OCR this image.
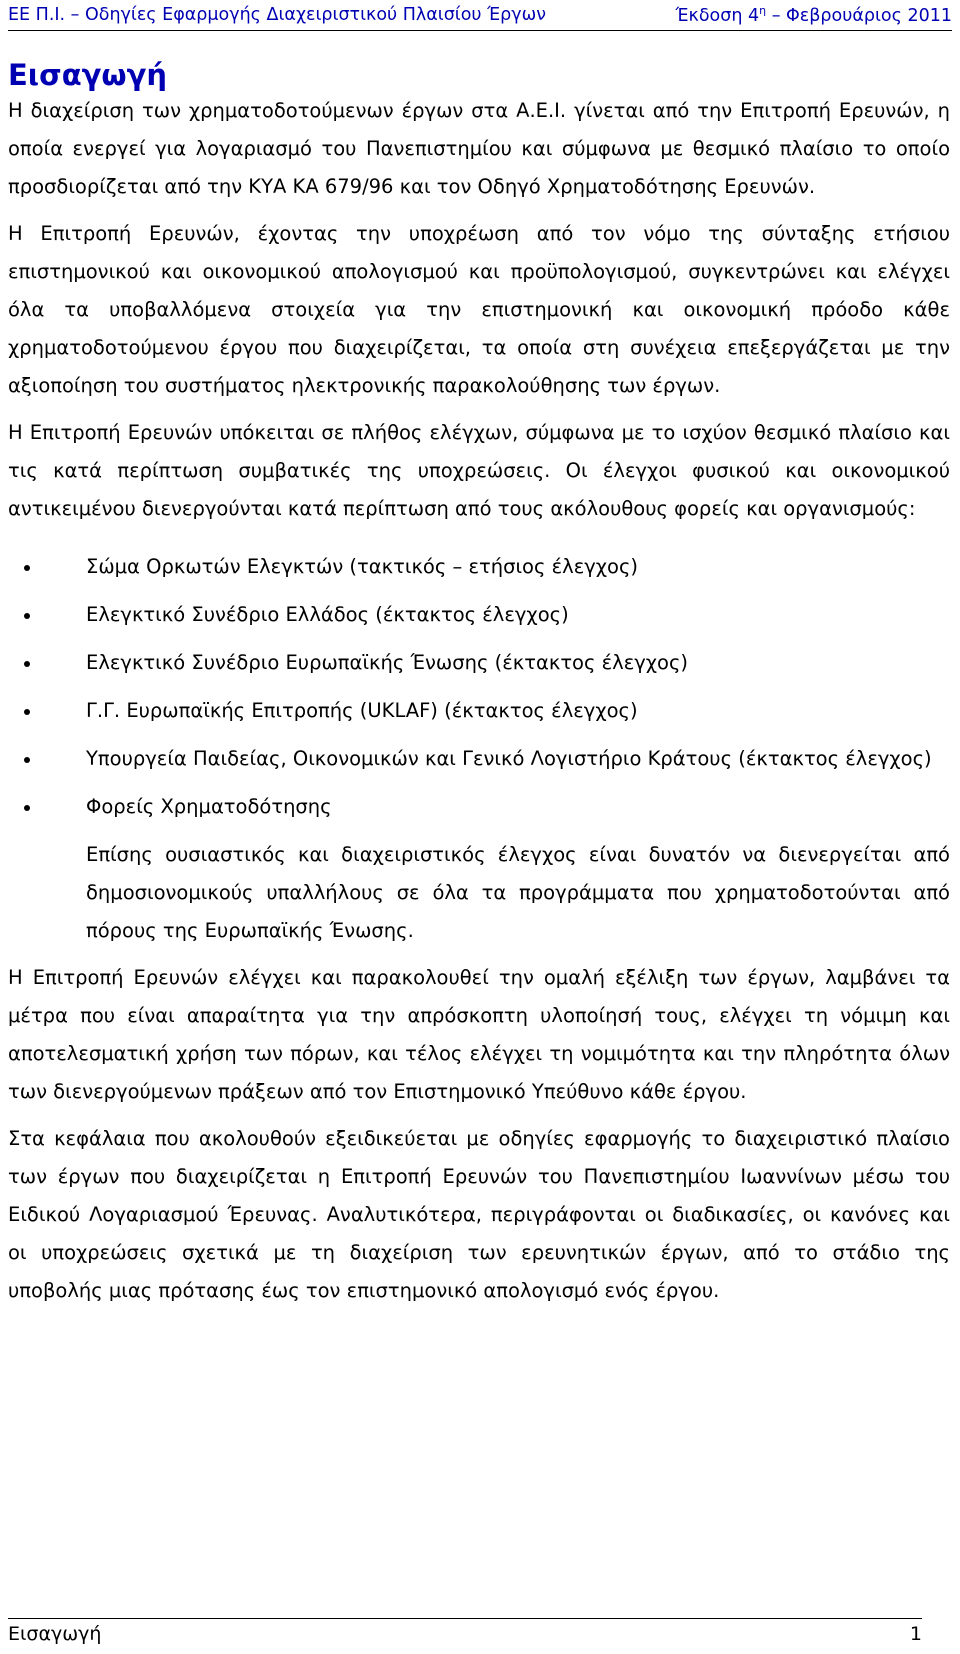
ΕΕ Π.Ι. – Οδηγίες Εφαρμογής Διαχειριστικού Πλαισίου Έργων	Έκδοση $4^\eta$ – Φεβρουάριος 2011
Εισαγωγή

Η διαχείριση των χρηματοδοτούμενων έργων στα Α.Ε.Ι. γίνεται από την Επιτροπή Ερευνών, η οποία ενεργεί για λογαριασμό του Πανεπιστημίου και σύμφωνα με θεσμικό πλαίσιο το οποίο προσδιορίζεται από την ΚΥΑ ΚΑ 679/96 και τον Οδηγό Χρηματοδότησης Ερευνών.

Η Επιτροπή Ερευνών, έχοντας την υποχρέωση από τον νόμο της σύνταξης ετήσιου επιστημονικού και οικονομικού απολογισμού και προϋπολογισμού, συγκεντρώνει και ελέγχει όλα τα υποβαλλόμενα στοιχεία για την επιστημονική και οικονομική πρόοδο κάθε χρηματοδοτούμενου έργου που διαχειρίζεται, τα οποία στη συνέχεια επεξεργάζεται με την αξιοποίηση του συστήματος ηλεκτρονικής παρακολούθησης των έργων.

Η Επιτροπή Ερευνών υπόκειται σε πλήθος ελέγχων, σύμφωνα με το ισχύον θεσμικό πλαίσιο και τις κατά περίπτωση συμβατικές της υποχρεώσεις. Οι έλεγχοι φυσικού και οικονομικού αντικειμένου διενεργούνται κατά περίπτωση από τους ακόλουθους φορείς και οργανισμούς:

Σώμα Ορκωτών Ελεγκτών (τακτικός – ετήσιος έλεγχος)
Ελεγκτικό Συνέδριο Ελλάδος (έκτακτος έλεγχος)
Ελεγκτικό Συνέδριο Ευρωπαϊκής Ένωσης (έκτακτος έλεγχος)
Γ.Γ. Ευρωπαϊκής Επιτροπής (UKLAF) (έκτακτος έλεγχος)
Υπουργεία Παιδείας, Οικονομικών και Γενικό Λογιστήριο Κράτους (έκτακτος έλεγχος)
Φορείς Χρηματοδότησης

Επίσης ουσιαστικός και διαχειριστικός έλεγχος είναι δυνατόν να διενεργείται από δημοσιονομικούς υπαλλήλους σε όλα τα προγράμματα που χρηματοδοτούνται από πόρους της Ευρωπαϊκής Ένωσης.

Η Επιτροπή Ερευνών ελέγχει και παρακολουθεί την ομαλή εξέλιξη των έργων, λαμβάνει τα μέτρα που είναι απαραίτητα για την απρόσκοπτη υλοποίησή τους, ελέγχει τη νόμιμη και αποτελεσματική χρήση των πόρων, και τέλος ελέγχει τη νομιμότητα και την πληρότητα όλων των διενεργούμενων πράξεων από τον Επιστημονικό Υπεύθυνο κάθε έργου.

Στα κεφάλαια που ακολουθούν εξειδικεύεται με οδηγίες εφαρμογής το διαχειριστικό πλαίσιο των έργων που διαχειρίζεται η Επιτροπή Ερευνών του Πανεπιστημίου Ιωαννίνων μέσω του Ειδικού Λογαριασμού Έρευνας. Αναλυτικότερα, περιγράφονται οι διαδικασίες, οι κανόνες και οι υποχρεώσεις σχετικά με τη διαχείριση των ερευνητικών έργων, από το στάδιο της υποβολής μιας πρότασης έως τον επιστημονικό απολογισμό ενός έργου.

Εισαγωγή	1
